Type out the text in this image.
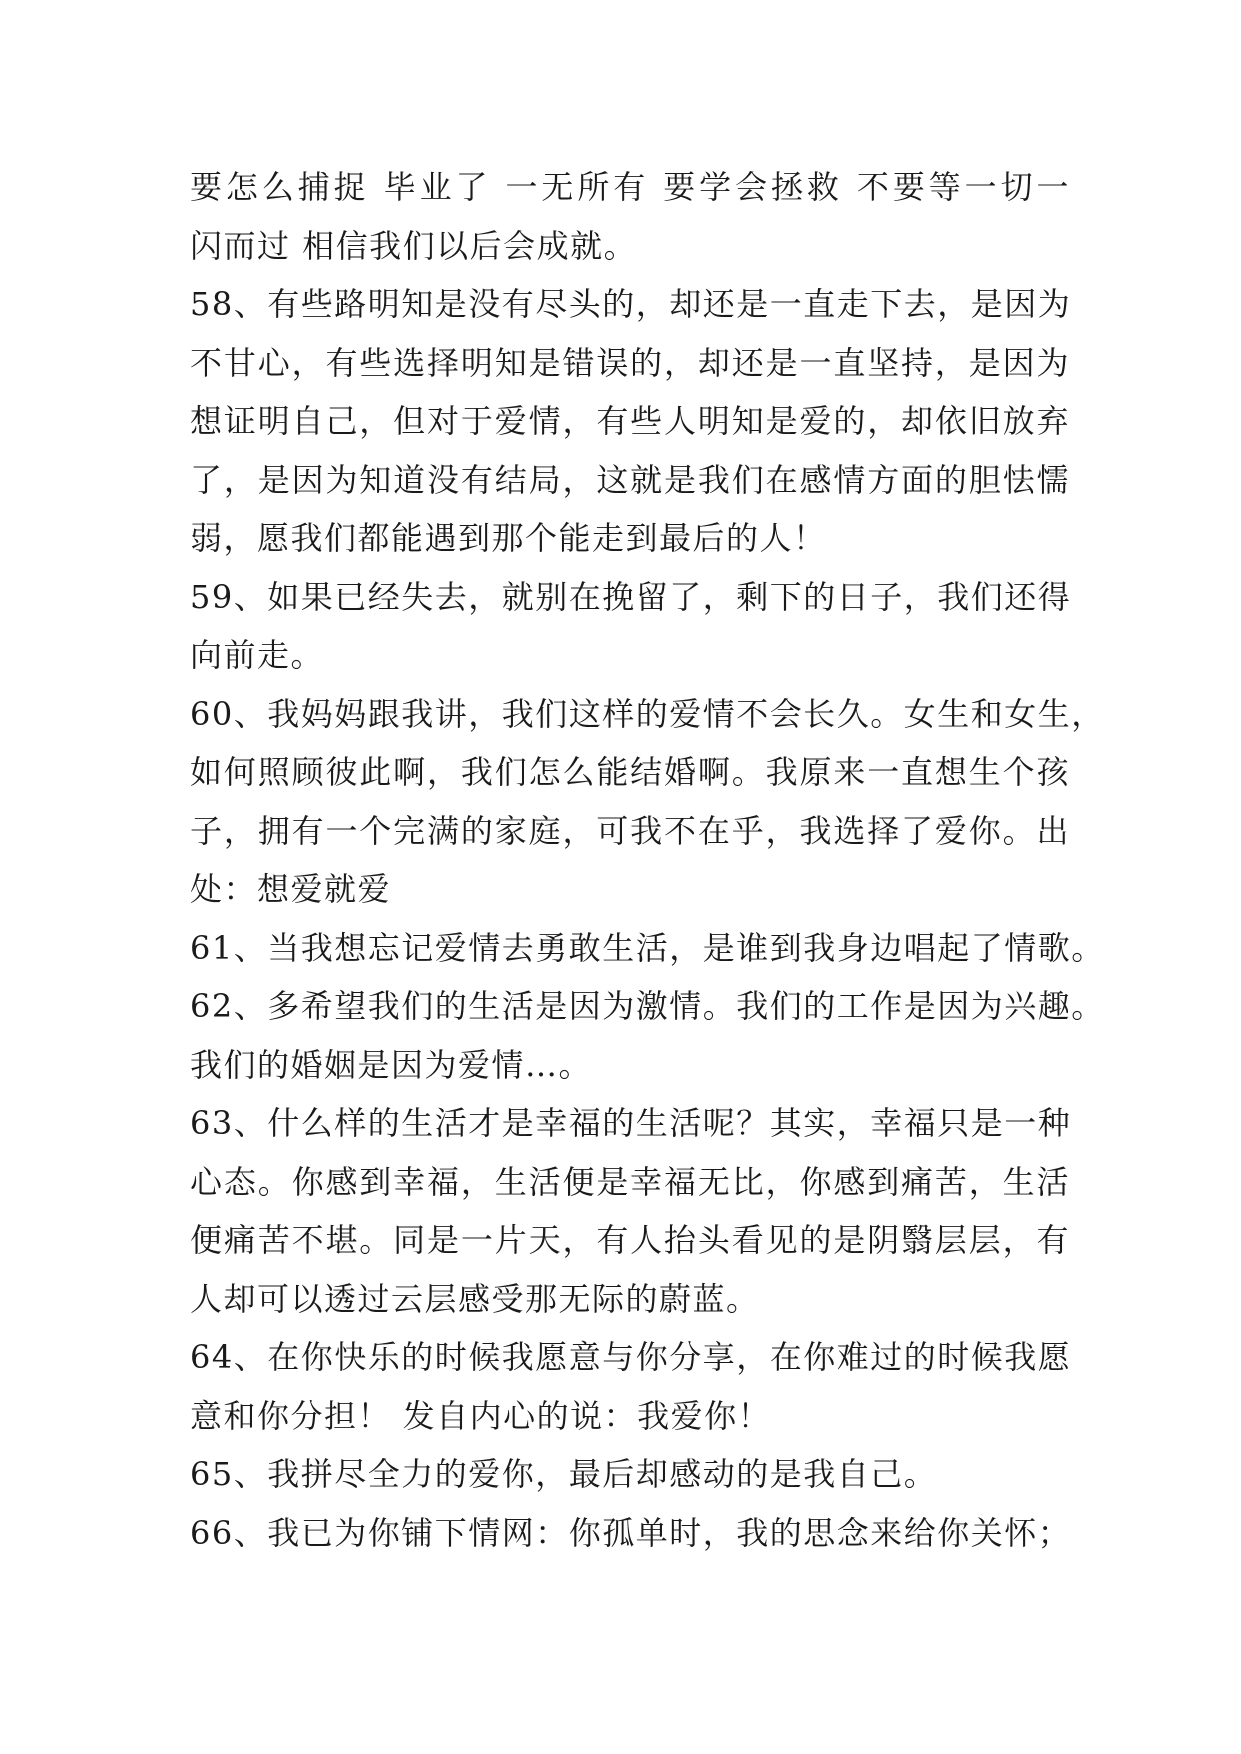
要怎么捕捉 毕业了 一无所有 要学会拯救 不要等一切一
闪而过 相信我们以后会成就。
58、有些路明知是没有尽头的，却还是一直走下去，是因为
不甘心，有些选择明知是错误的，却还是一直坚持，是因为
想证明自己，但对于爱情，有些人明知是爱的，却依旧放弃
了，是因为知道没有结局，这就是我们在感情方面的胆怯懦
弱，愿我们都能遇到那个能走到最后的人！
59、如果已经失去，就别在挽留了，剩下的日子，我们还得
向前走。
60、我妈妈跟我讲，我们这样的爱情不会长久。女生和女生，
如何照顾彼此啊，我们怎么能结婚啊。我原来一直想生个孩
子，拥有一个完满的家庭，可我不在乎，我选择了爱你。出
处：想爱就爱
61、当我想忘记爱情去勇敢生活，是谁到我身边唱起了情歌。
62、多希望我们的生活是因为激情。我们的工作是因为兴趣。
我们的婚姻是因为爱情…。
63、什么样的生活才是幸福的生活呢？其实，幸福只是一种
心态。你感到幸福，生活便是幸福无比，你感到痛苦，生活
便痛苦不堪。同是一片天，有人抬头看见的是阴翳层层，有
人却可以透过云层感受那无际的蔚蓝。
64、在你快乐的时候我愿意与你分享，在你难过的时候我愿
意和你分担！ 发自内心的说：我爱你！
65、我拼尽全力的爱你，最后却感动的是我自己。
66、我已为你铺下情网：你孤单时，我的思念来给你关怀；
